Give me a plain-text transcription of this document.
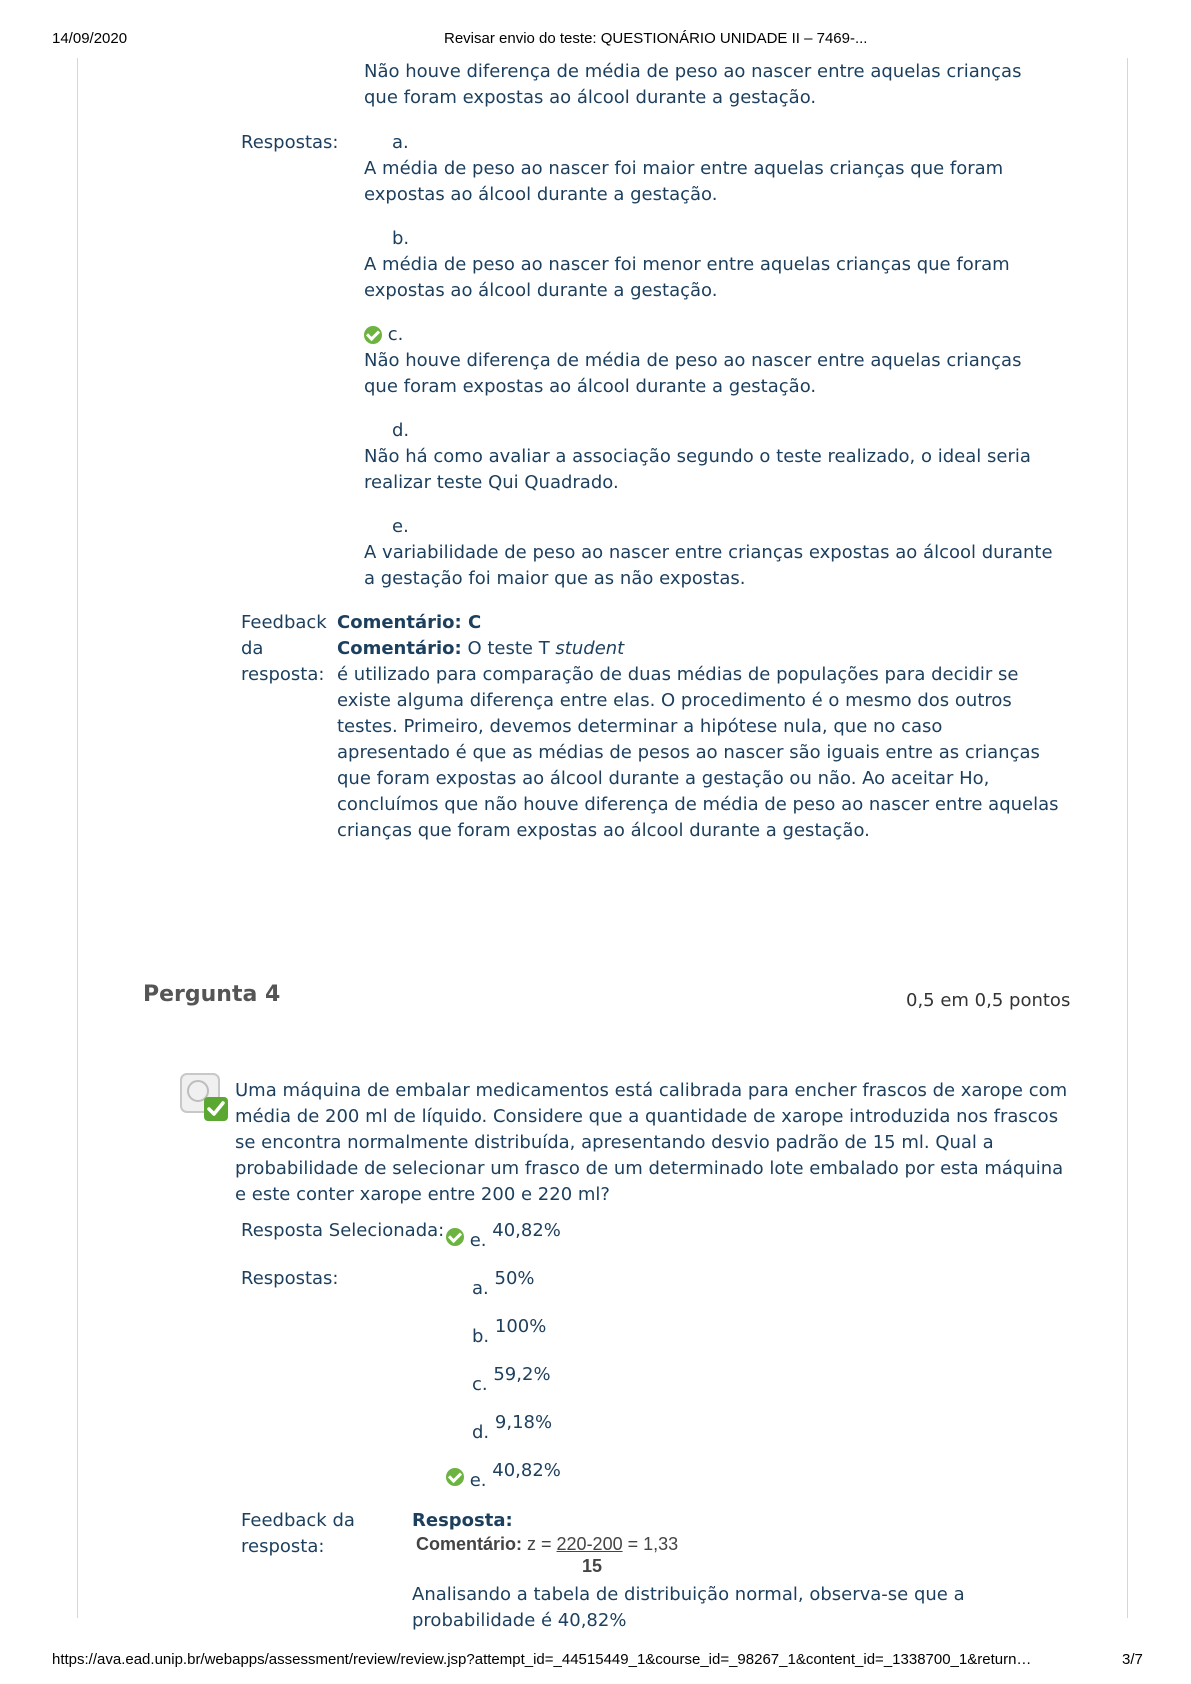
14/09/2020	Revisar envio do teste: QUESTIONÁRIO UNIDADE II – 7469-...
Não houve diferença de média de peso ao nascer entre aquelas crianças
que foram expostas ao álcool durante a gestação.
Respostas:	a.
A média de peso ao nascer foi maior entre aquelas crianças que foram
expostas ao álcool durante a gestação.
b.
A média de peso ao nascer foi menor entre aquelas crianças que foram
expostas ao álcool durante a gestação.
c.
Não houve diferença de média de peso ao nascer entre aquelas crianças
que foram expostas ao álcool durante a gestação.
d.
Não há como avaliar a associação segundo o teste realizado, o ideal seria
realizar teste Qui Quadrado.
e.
A variabilidade de peso ao nascer entre crianças expostas ao álcool durante
a gestação foi maior que as não expostas.
Feedback
da
resposta:
Comentário: C
Comentário: O teste T student
é utilizado para comparação de duas médias de populações para decidir se
existe alguma diferença entre elas. O procedimento é o mesmo dos outros
testes. Primeiro, devemos determinar a hipótese nula, que no caso
apresentado é que as médias de pesos ao nascer são iguais entre as crianças
que foram expostas ao álcool durante a gestação ou não. Ao aceitar Ho,
concluímos que não houve diferença de média de peso ao nascer entre aquelas
crianças que foram expostas ao álcool durante a gestação.
Pergunta 4	0,5 em 0,5 pontos
Uma máquina de embalar medicamentos está calibrada para encher frascos de xarope com
média de 200 ml de líquido. Considere que a quantidade de xarope introduzida nos frascos
se encontra normalmente distribuída, apresentando desvio padrão de 15 ml. Qual a
probabilidade de selecionar um frasco de um determinado lote embalado por esta máquina
e este conter xarope entre 200 e 220 ml?
Resposta Selecionada:	e. 40,82%
Respostas:	a. 50%
b. 100%
c. 59,2%
d. 9,18%
e. 40,82%
Feedback da
resposta:
Resposta:
Comentário: z = 220-200 = 1,33
15
Analisando a tabela de distribuição normal, observa-se que a
probabilidade é 40,82%
https://ava.ead.unip.br/webapps/assessment/review/review.jsp?attempt_id=_44515449_1&course_id=_98267_1&content_id=_1338700_1&return…	3/7
